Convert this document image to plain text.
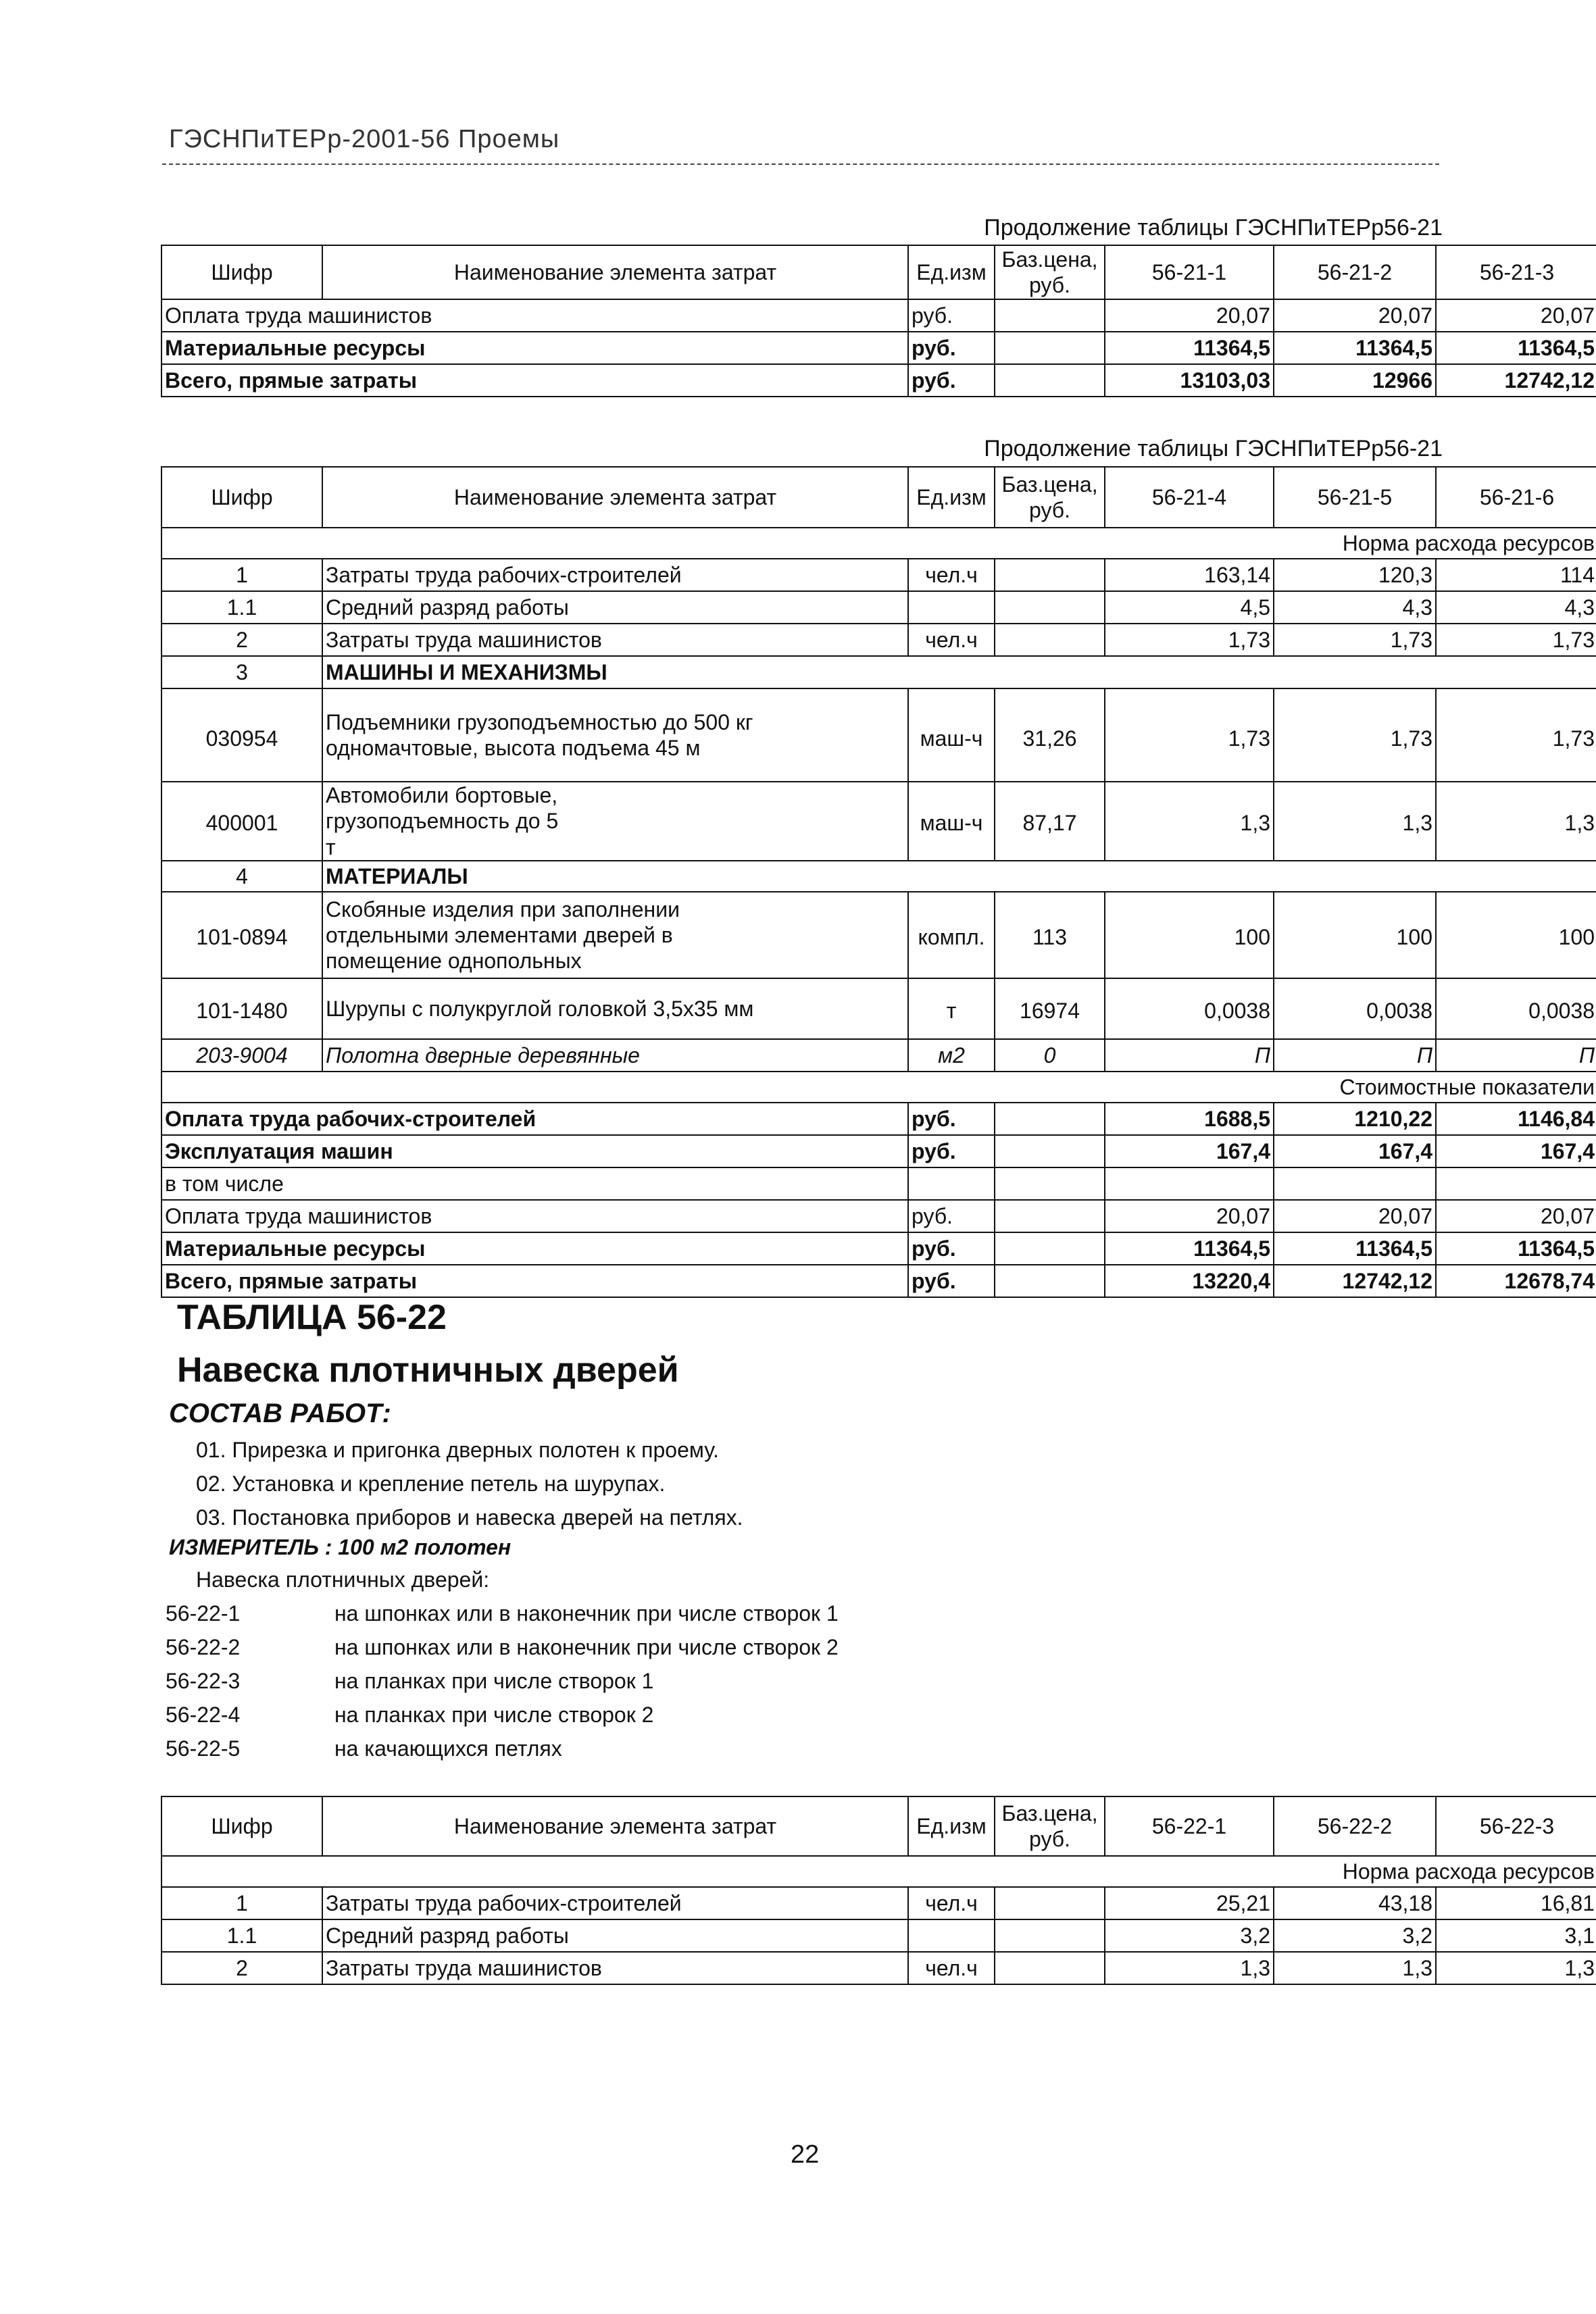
ГЭСНПиТЕРр-2001-56 Проемы
Продолжение таблицы ГЭСНПиТЕРр56-21
Шифр	Наименование элемента затрат	Ед.изм	Баз.цена, руб.	56-21-1	56-21-2	56-21-3
Оплата труда машинистов		руб.		20,07	20,07	20,07
Материальные ресурсы		руб.		11364,5	11364,5	11364,5
Всего, прямые затраты		руб.		13103,03	12966	12742,12
Продолжение таблицы ГЭСНПиТЕРр56-21
Шифр	Наименование элемента затрат	Ед.изм	Баз.цена, руб.	56-21-4	56-21-5	56-21-6
Норма расхода ресурсов						
1	Затраты труда рабочих-строителей	чел.ч		163,14	120,3	114
1.1	Средний разряд работы			4,5	4,3	4,3
2	Затраты труда машинистов	чел.ч		1,73	1,73	1,73
3	МАШИНЫ И МЕХАНИЗМЫ					
030954	Подъемники грузоподъемностью до 500 кг одномачтовые, высота подъема 45 м	маш-ч	31,26	1,73	1,73	1,73
400001	Автомобили бортовые, грузоподъемность до 5 т	маш-ч	87,17	1,3	1,3	1,3
4	МАТЕРИАЛЫ					
101-0894	Скобяные изделия при заполнении отдельными элементами дверей в помещение однопольных	компл.	113	100	100	100
101-1480	Шурупы с полукруглой головкой 3,5х35 мм	т	16974	0,0038	0,0038	0,0038
203-9004	Полотна дверные деревянные	м2	0	П	П	П
Стоимостные показатели						
Оплата труда рабочих-строителей		руб.		1688,5	1210,22	1146,84
Эксплуатация машин		руб.		167,4	167,4	167,4
в том числе						
Оплата труда машинистов		руб.		20,07	20,07	20,07
Материальные ресурсы		руб.		11364,5	11364,5	11364,5
Всего, прямые затраты		руб.		13220,4	12742,12	12678,74
ТАБЛИЦА 56-22
Навеска плотничных дверей
СОСТАВ РАБОТ:
01. Прирезка и пригонка дверных полотен к проему.
02. Установка и крепление петель на шурупах.
03. Постановка приборов и навеска дверей на петлях.
ИЗМЕРИТЕЛЬ : 100 м2 полотен
Навеска плотничных дверей:
56-22-1	на шпонках или в наконечник при числе створок 1
56-22-2	на шпонках или в наконечник при числе створок 2
56-22-3	на планках при числе створок 1
56-22-4	на планках при числе створок 2
56-22-5	на качающихся петлях
Шифр	Наименование элемента затрат	Ед.изм	Баз.цена, руб.	56-22-1	56-22-2	56-22-3
Норма расхода ресурсов						
1	Затраты труда рабочих-строителей	чел.ч		25,21	43,18	16,81
1.1	Средний разряд работы			3,2	3,2	3,1
2	Затраты труда машинистов	чел.ч		1,3	1,3	1,3
22
